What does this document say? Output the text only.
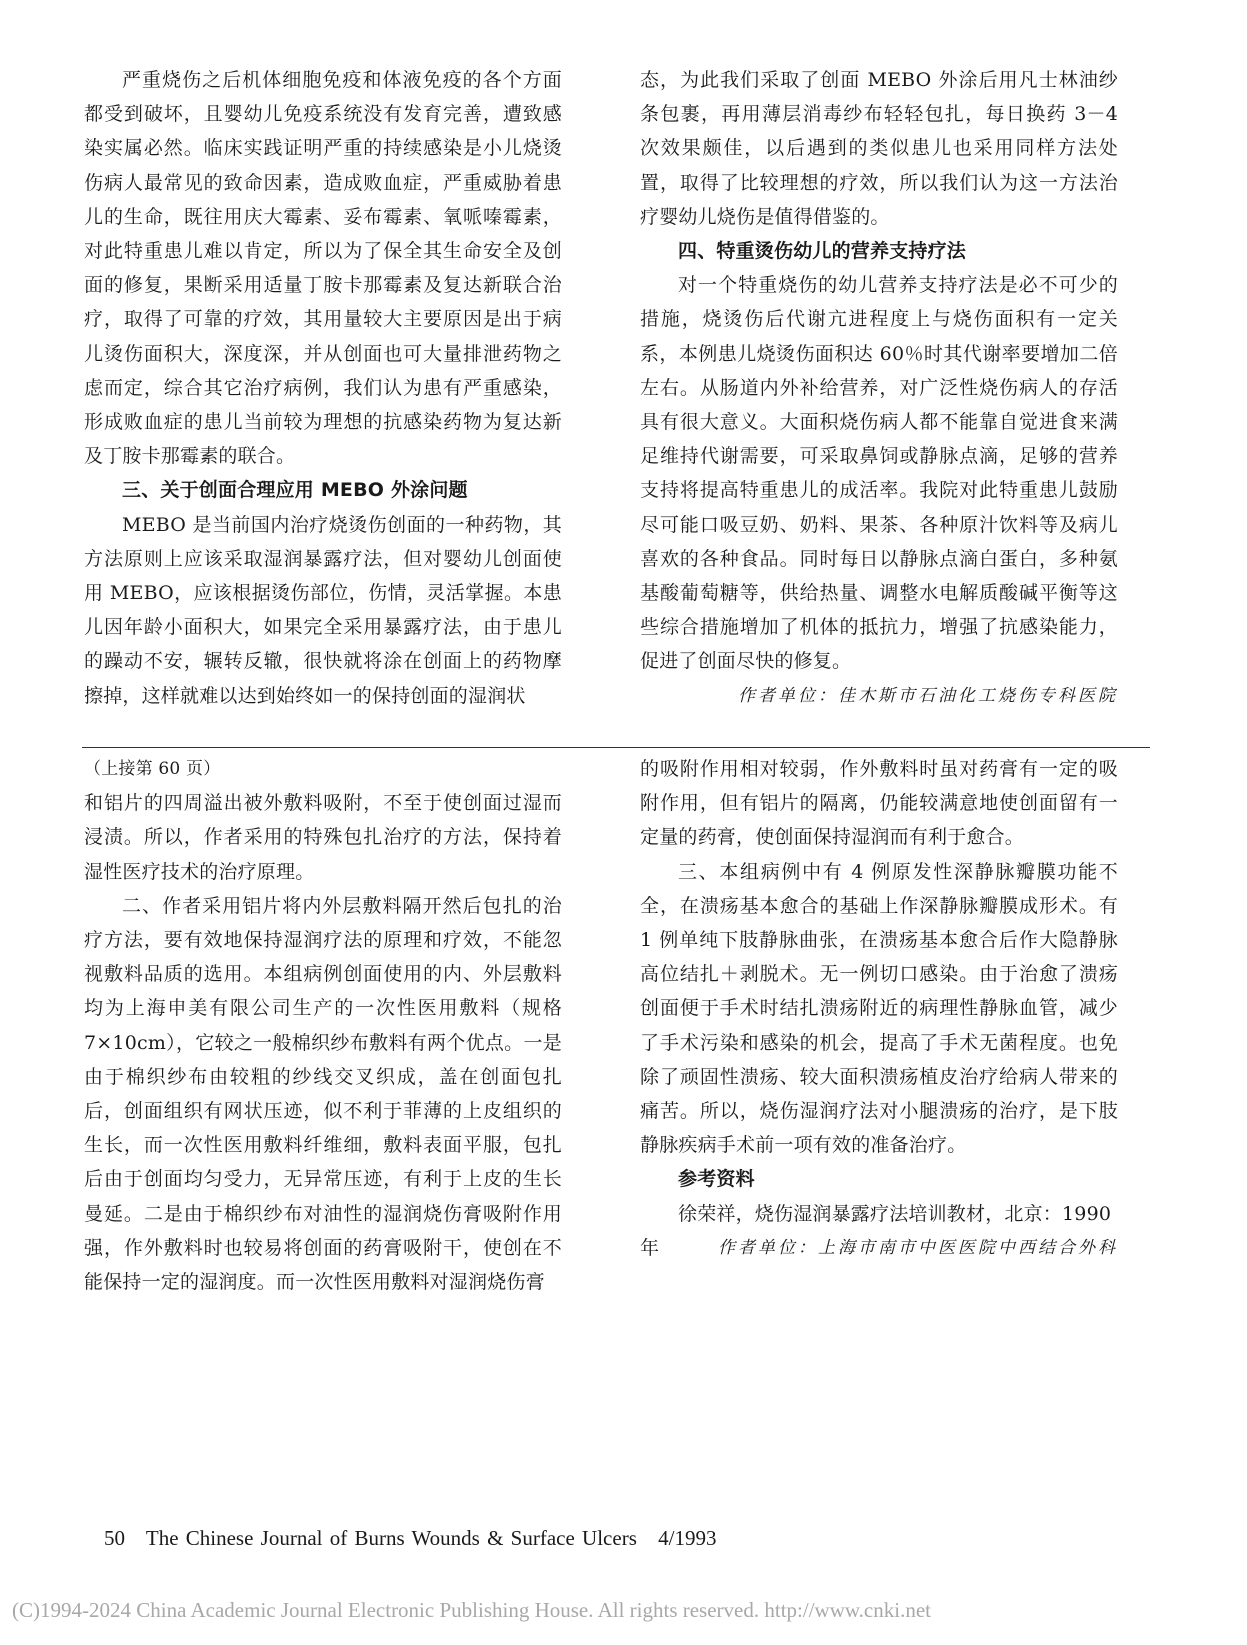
严重烧伤之后机体细胞免疫和体液免疫的各个方面都受到破坏，且婴幼儿免疫系统没有发育完善，遭致感染实属必然。临床实践证明严重的持续感染是小儿烧烫伤病人最常见的致命因素，造成败血症，严重威胁着患儿的生命，既往用庆大霉素、妥布霉素、氧哌嗪霉素，对此特重患儿难以肯定，所以为了保全其生命安全及创面的修复，果断采用适量丁胺卡那霉素及复达新联合治疗，取得了可靠的疗效，其用量较大主要原因是出于病儿烫伤面积大，深度深，并从创面也可大量排泄药物之虑而定，综合其它治疗病例，我们认为患有严重感染，形成败血症的患儿当前较为理想的抗感染药物为复达新及丁胺卡那霉素的联合。

三、关于创面合理应用 MEBO 外涂问题

MEBO 是当前国内治疗烧烫伤创面的一种药物，其方法原则上应该采取湿润暴露疗法，但对婴幼儿创面使用 MEBO，应该根据烫伤部位，伤情，灵活掌握。本患儿因年龄小面积大，如果完全采用暴露疗法，由于患儿的躁动不安，辗转反辙，很快就将涂在创面上的药物摩擦掉，这样就难以达到始终如一的保持创面的湿润状

态，为此我们采取了创面 MEBO 外涂后用凡士林油纱条包裹，再用薄层消毒纱布轻轻包扎，每日换药 3－4 次效果颇佳，以后遇到的类似患儿也采用同样方法处置，取得了比较理想的疗效，所以我们认为这一方法治疗婴幼儿烧伤是值得借鉴的。

四、特重烫伤幼儿的营养支持疗法

对一个特重烧伤的幼儿营养支持疗法是必不可少的措施，烧烫伤后代谢亢进程度上与烧伤面积有一定关系，本例患儿烧烫伤面积达 60％时其代谢率要增加二倍左右。从肠道内外补给营养，对广泛性烧伤病人的存活具有很大意义。大面积烧伤病人都不能靠自觉进食来满足维持代谢需要，可采取鼻饲或静脉点滴，足够的营养支持将提高特重患儿的成活率。我院对此特重患儿鼓励尽可能口吸豆奶、奶料、果茶、各种原汁饮料等及病儿喜欢的各种食品。同时每日以静脉点滴白蛋白，多种氨基酸葡萄糖等，供给热量、调整水电解质酸碱平衡等这些综合措施增加了机体的抵抗力，增强了抗感染能力，促进了创面尽快的修复。

作者单位：佳木斯市石油化工烧伤专科医院

（上接第 60 页）

和铝片的四周溢出被外敷料吸附，不至于使创面过湿而浸渍。所以，作者采用的特殊包扎治疗的方法，保持着湿性医疗技术的治疗原理。

二、作者采用铝片将内外层敷料隔开然后包扎的治疗方法，要有效地保持湿润疗法的原理和疗效，不能忽视敷料品质的选用。本组病例创面使用的内、外层敷料均为上海申美有限公司生产的一次性医用敷料（规格 7×10cm），它较之一般棉织纱布敷料有两个优点。一是由于棉织纱布由较粗的纱线交叉织成，盖在创面包扎后，创面组织有网状压迹，似不利于菲薄的上皮组织的生长，而一次性医用敷料纤维细，敷料表面平服，包扎后由于创面均匀受力，无异常压迹，有利于上皮的生长曼延。二是由于棉织纱布对油性的湿润烧伤膏吸附作用强，作外敷料时也较易将创面的药膏吸附干，使创在不能保持一定的湿润度。而一次性医用敷料对湿润烧伤膏

的吸附作用相对较弱，作外敷料时虽对药膏有一定的吸附作用，但有铝片的隔离，仍能较满意地使创面留有一定量的药膏，使创面保持湿润而有利于愈合。

三、本组病例中有 4 例原发性深静脉瓣膜功能不全，在溃疡基本愈合的基础上作深静脉瓣膜成形术。有 1 例单纯下肢静脉曲张，在溃疡基本愈合后作大隐静脉高位结扎＋剥脱术。无一例切口感染。由于治愈了溃疡创面便于手术时结扎溃疡附近的病理性静脉血管，减少了手术污染和感染的机会，提高了手术无菌程度。也免除了顽固性溃疡、较大面积溃疡植皮治疗给病人带来的痛苦。所以，烧伤湿润疗法对小腿溃疡的治疗，是下肢静脉疾病手术前一项有效的准备治疗。

参考资料

徐荣祥，烧伤湿润暴露疗法培训教材，北京：1990

年	作者单位：上海市南市中医医院中西结合外科
50 The Chinese Journal of Burns Wounds & Surface Ulcers 4/1993
(C)1994-2024 China Academic Journal Electronic Publishing House. All rights reserved. http://www.cnki.net
